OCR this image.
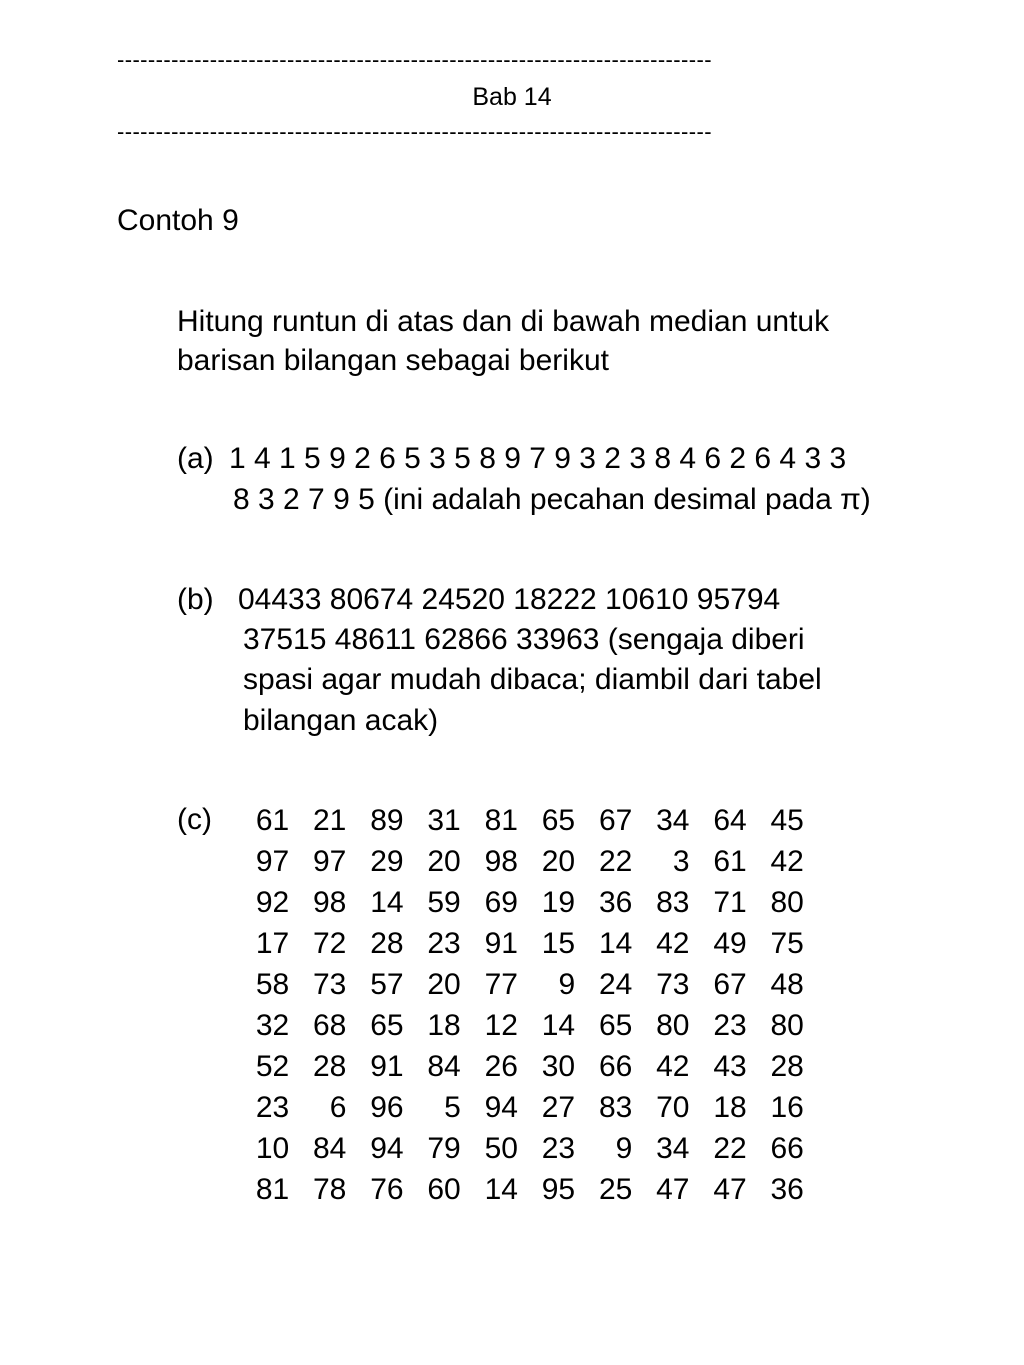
-----------------------------------------------------------------------------
Bab 14
-----------------------------------------------------------------------------
Contoh 9
Hitung runtun di atas dan di bawah median untuk
barisan bilangan sebagai berikut
(a) 1 4 1 5 9 2 6 5 3 5 8 9 7 9 3 2 3 8 4 6 2 6 4 3 3
8 3 2 7 9 5 (ini adalah pecahan desimal pada π)
(b) 04433 80674 24520 18222 10610 95794
37515 48611 62866 33963 (sengaja diberi
spasi agar mudah dibaca; diambil dari tabel
bilangan acak)
(c)	61 21 89 31 81 65 67 34 64 45
97 97 29 20 98 20 22	3 61 42
92 98 14 59 69 19 36 83 71 80
17 72 28 23 91 15 14 42 49 75
58 73 57 20 77	9 24 73 67 48
32 68 65 18 12 14 65 80 23 80
52 28 91 84 26 30 66 42 43 28
23	6 96	5 94 27 83 70 18 16
10 84 94 79 50 23	9 34 22 66
81 78 76 60 14 95 25 47 47 36
